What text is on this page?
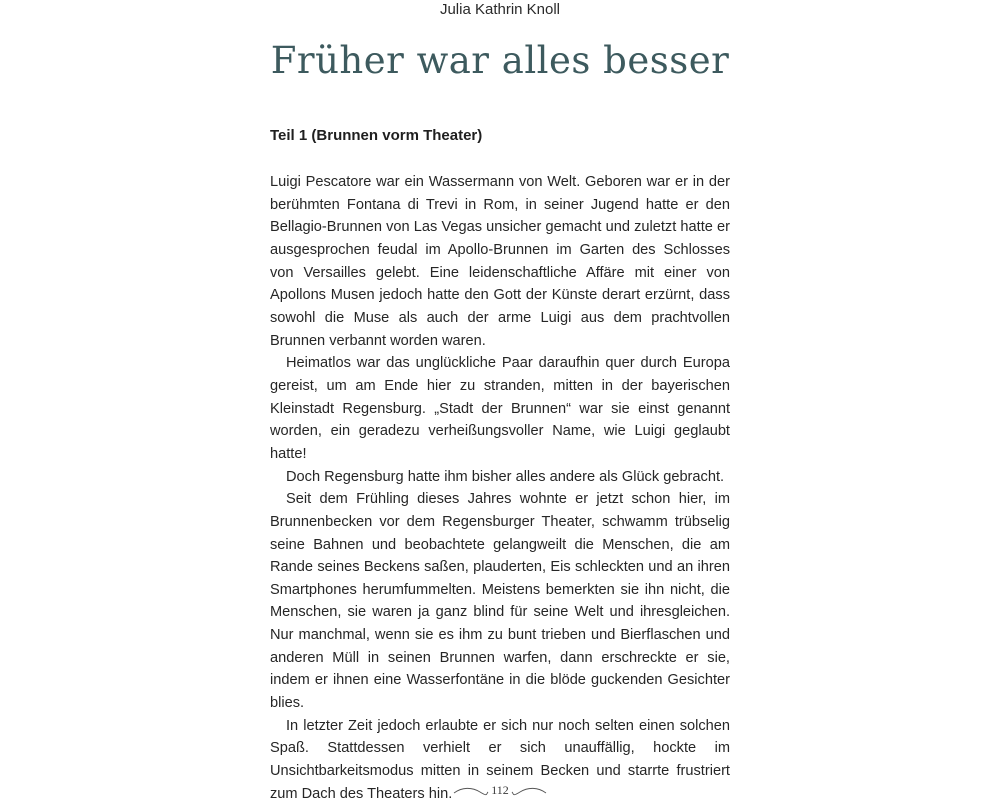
Julia Kathrin Knoll
Früher war alles besser
Teil 1 (Brunnen vorm Theater)

Luigi Pescatore war ein Wassermann von Welt. Geboren war er in der berühmten Fontana di Trevi in Rom, in seiner Jugend hatte er den Bellagio-Brunnen von Las Vegas unsicher gemacht und zuletzt hatte er ausgesprochen feudal im Apollo-Brunnen im Garten des Schlosses von Versailles gelebt. Eine leidenschaftliche Affäre mit einer von Apollons Musen jedoch hatte den Gott der Künste derart erzürnt, dass sowohl die Muse als auch der arme Luigi aus dem prachtvollen Brunnen verbannt worden waren.

Heimatlos war das unglückliche Paar daraufhin quer durch Europa gereist, um am Ende hier zu stranden, mitten in der bayerischen Kleinstadt Regensburg. „Stadt der Brunnen“ war sie einst genannt worden, ein geradezu verheißungsvoller Name, wie Luigi geglaubt hatte!

Doch Regensburg hatte ihm bisher alles andere als Glück gebracht.

Seit dem Frühling dieses Jahres wohnte er jetzt schon hier, im Brunnenbecken vor dem Regensburger Theater, schwamm trübselig seine Bahnen und beobachtete gelangweilt die Menschen, die am Rande seines Beckens saßen, plauderten, Eis schleckten und an ihren Smartphones herumfummelten. Meistens bemerkten sie ihn nicht, die Menschen, sie waren ja ganz blind für seine Welt und ihresgleichen. Nur manchmal, wenn sie es ihm zu bunt trieben und Bierflaschen und anderen Müll in seinen Brunnen warfen, dann erschreckte er sie, indem er ihnen eine Wasserfontäne in die blöde guckenden Gesichter blies.

In letzter Zeit jedoch erlaubte er sich nur noch selten einen solchen Spaß. Stattdessen verhielt er sich unauffällig, hockte im Unsichtbarkeitsmodus mitten in seinem Becken und starrte frustriert zum Dach des Theaters hin.	112
